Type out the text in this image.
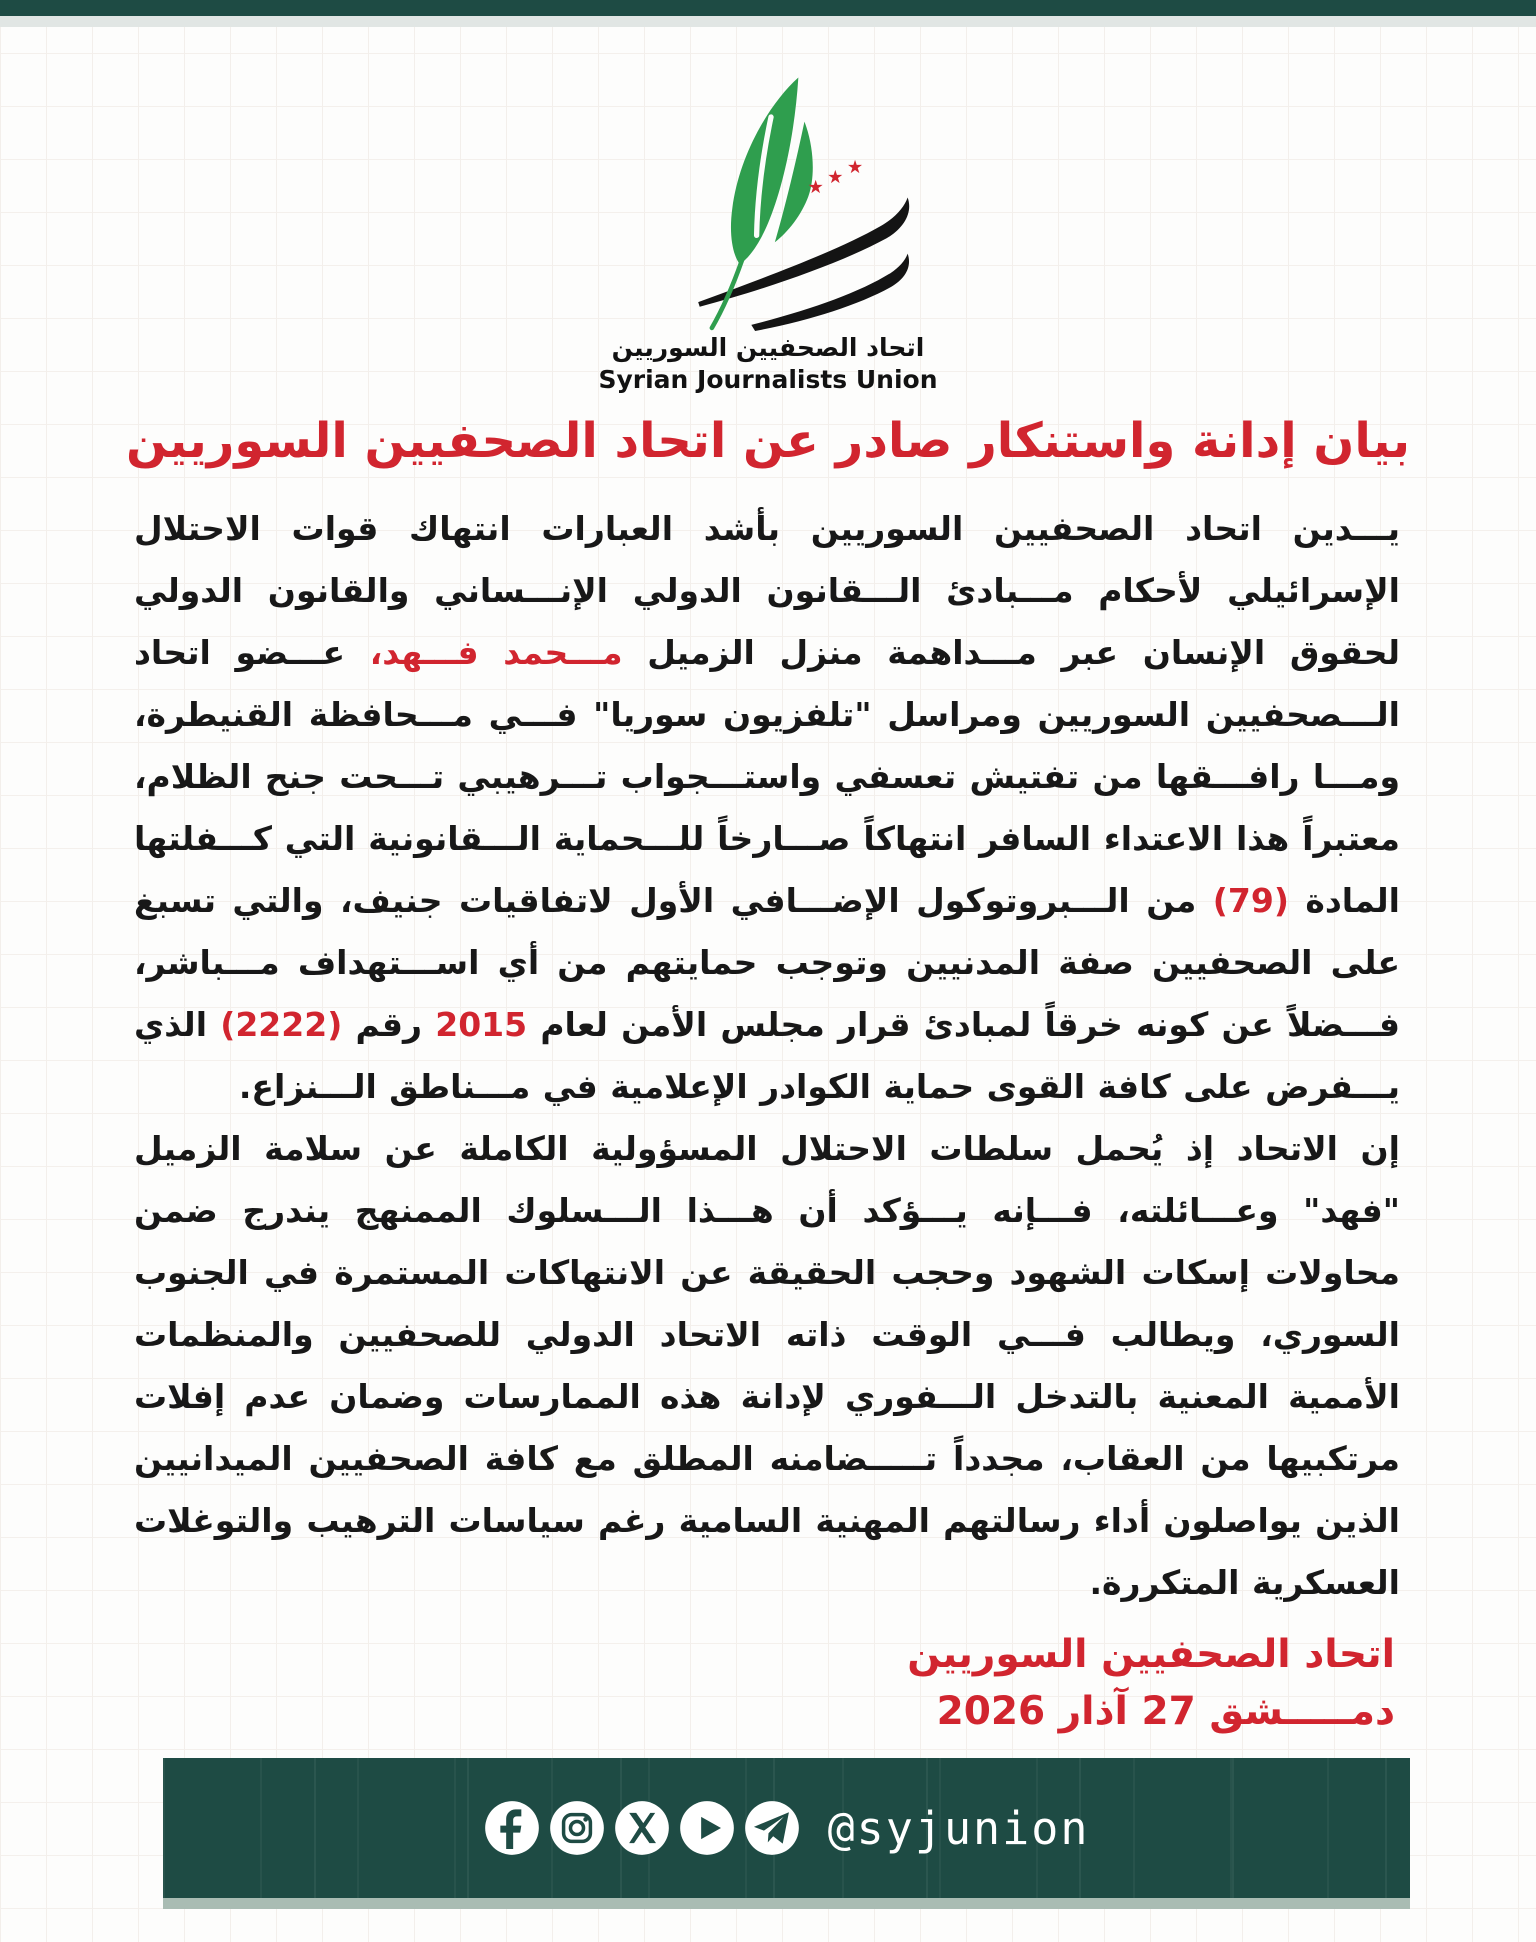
★ ★ ★
اتحاد الصحفيين السوريين
Syrian Journalists Union
بيان إدانة واستنكار صادر عن اتحاد الصحفيين السوريين

يـــدين اتحاد الصحفيين السوريين بأشد العبارات انتهاك قوات الاحتلال الإسرائيلي لأحكام مـــبادئ الـــقانون الدولي الإنـــساني والقانون الدولي لحقوق الإنسان عبر مـــداهمة منزل الزميل مـــحمد فـــهد، عـــضو اتحاد الـــصحفيين السوريين ومراسل "تلفزيون سوريا" فـــي مـــحافظة القنيطرة، ومـــا رافـــقها من تفتيش تعسفي واستـــجواب تـــرهيبي تـــحت جنح الظلام، معتبراً هذا الاعتداء السافر انتهاكاً صـــارخاً للـــحماية الـــقانونية التي كـــفلتها المادة (79) من الـــبروتوكول الإضـــافي الأول لاتفاقيات جنيف، والتي تسبغ على الصحفيين صفة المدنيين وتوجب حمايتهم من أي اســـتهداف مـــباشر، فـــضلاً عن كونه خرقاً لمبادئ قرار مجلس الأمن لعام 2015 رقم (2222) الذي يـــفرض على كافة القوى حماية الكوادر الإعلامية في مـــناطق الـــنزاع.

إن الاتحاد إذ يُحمل سلطات الاحتلال المسؤولية الكاملة عن سلامة الزميل "فهد" وعـــائلته، فـــإنه يـــؤكد أن هـــذا الـــسلوك الممنهج يندرج ضمن محاولات إسكات الشهود وحجب الحقيقة عن الانتهاكات المستمرة في الجنوب السوري، ويطالب فـــي الوقت ذاته الاتحاد الدولي للصحفيين والمنظمات الأممية المعنية بالتدخل الـــفوري لإدانة هذه الممارسات وضمان عدم إفلات مرتكبيها من العقاب، مجدداً تـــــضامنه المطلق مع كافة الصحفيين الميدانيين الذين يواصلون أداء رسالتهم المهنية السامية رغم سياسات الترهيب والتوغلات العسكرية المتكررة.

اتحاد الصحفيين السوريين
دمـــــشق 27 آذار 2026
@syjunion
